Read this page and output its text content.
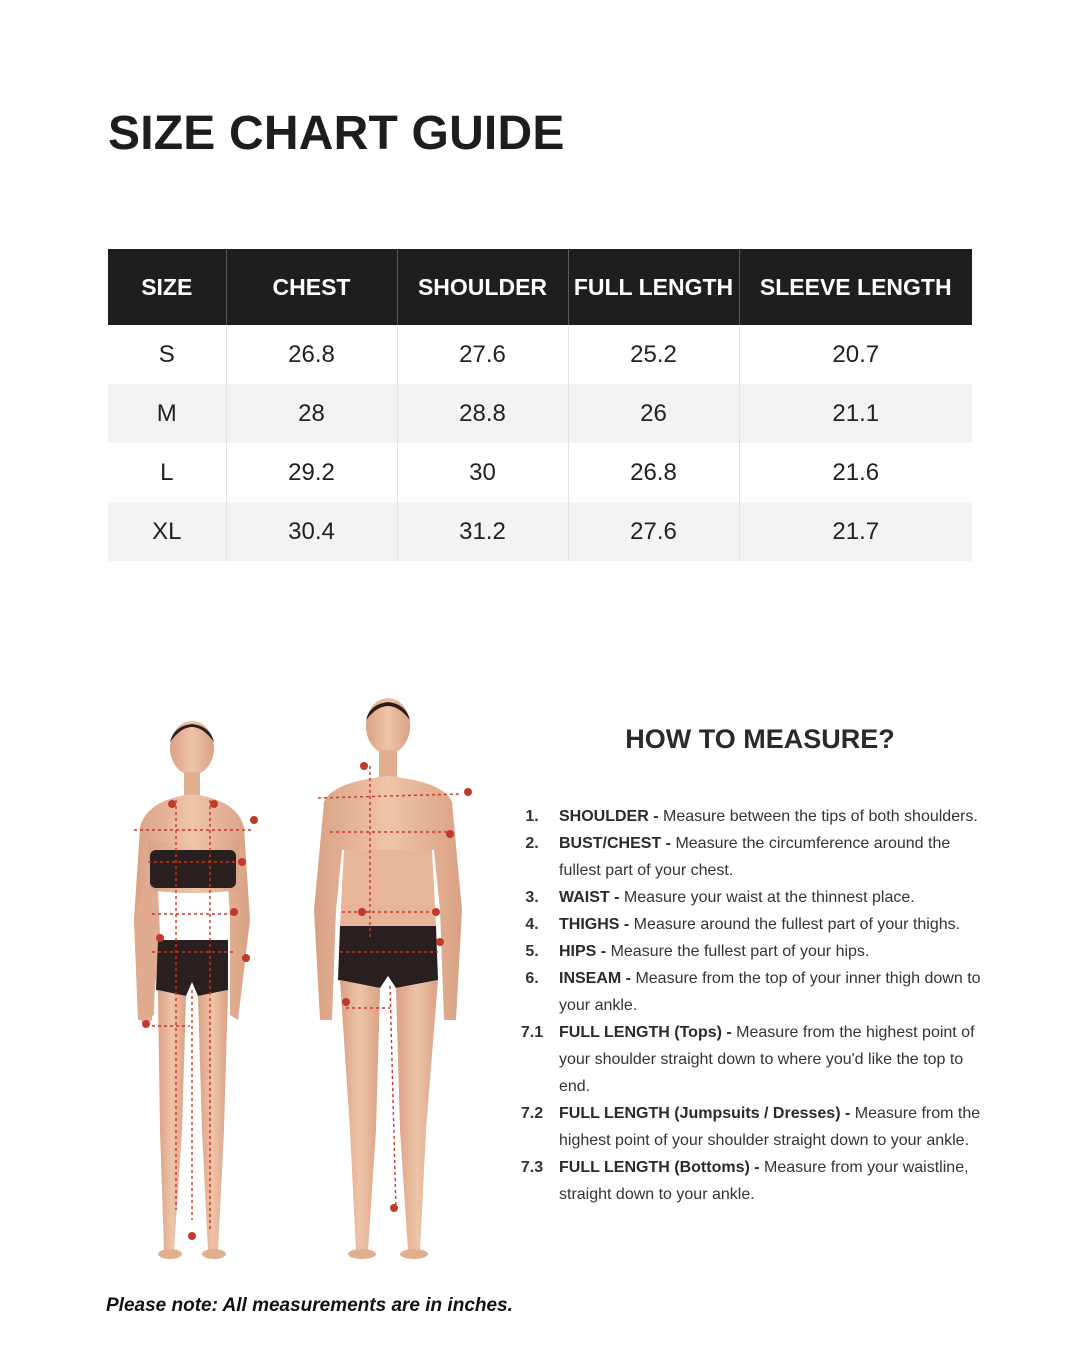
SIZE CHART GUIDE
SIZE	CHEST	SHOULDER	FULL LENGTH	SLEEVE LENGTH
S	26.8	27.6	25.2	20.7
M	28	28.8	26	21.1
L	29.2	30	26.8	21.6
XL	30.4	31.2	27.6	21.7
HOW TO MEASURE?
1.	SHOULDER - Measure between the tips of both shoulders.
2.	BUST/CHEST - Measure the circumference around the fullest part of your chest.
3.	WAIST - Measure your waist at the thinnest place.
4.	THIGHS - Measure around the fullest part of your thighs.
5.	HIPS - Measure the fullest part of your hips.
6.	INSEAM - Measure from the top of your inner thigh down to your ankle.
7.1 FULL LENGTH (Tops) - Measure from the highest point of your shoulder straight down to where you'd like the top to end.
7.2 FULL LENGTH (Jumpsuits / Dresses) - Measure from the highest point of your shoulder straight down to your ankle.
7.3 FULL LENGTH (Bottoms) - Measure from your waistline, straight down to your ankle.
Please note: All measurements are in inches.
